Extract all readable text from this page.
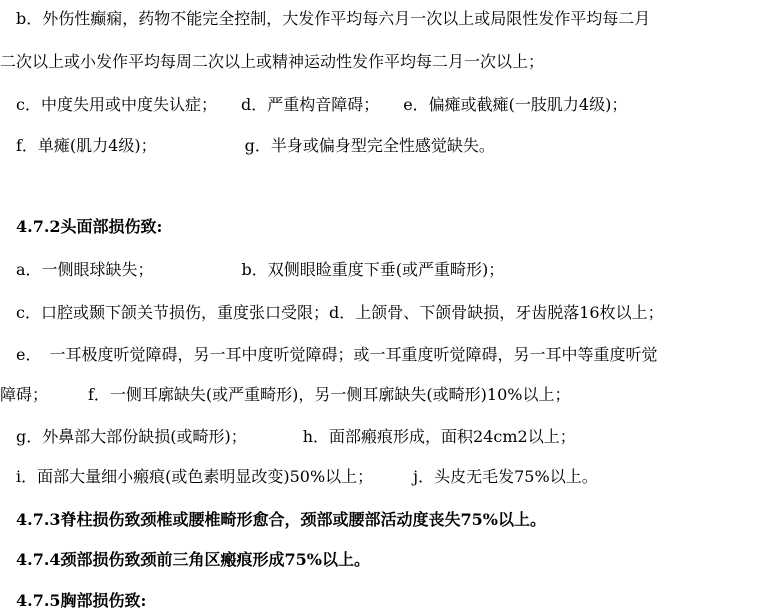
　b．外伤性癫痫，药物不能完全控制，大发作平均每六月一次以上或局限性发作平均每二月
二次以上或小发作平均每周二次以上或精神运动性发作平均每二月一次以上；
　c．中度失用或中度失认症；　　d．严重构音障碍；　　e．偏瘫或截瘫(一肢肌力4级)；
　f．单瘫(肌力4级)；　　　　　　g．半身或偏身型完全性感觉缺失。
　4.7.2头面部损伤致:
　a．一侧眼球缺失；　　　　　　b．双侧眼睑重度下垂(或严重畸形)；
　c．口腔或颞下颌关节损伤，重度张口受限；d．上颌骨、下颌骨缺损，牙齿脱落16枚以上；
　e．　一耳极度听觉障碍，另一耳中度听觉障碍；或一耳重度听觉障碍，另一耳中等重度听觉
障碍；　　　f．一侧耳廓缺失(或严重畸形)，另一侧耳廓缺失(或畸形)10%以上；
　g．外鼻部大部份缺损(或畸形)；　　　　h．面部瘢痕形成，面积24cm2以上；
　i．面部大量细小瘢痕(或色素明显改变)50%以上；　　　j．头皮无毛发75%以上。
　4.7.3脊柱损伤致颈椎或腰椎畸形愈合，颈部或腰部活动度丧失75%以上。
　4.7.4颈部损伤致颈前三角区瘢痕形成75%以上。
　4.7.5胸部损伤致:
